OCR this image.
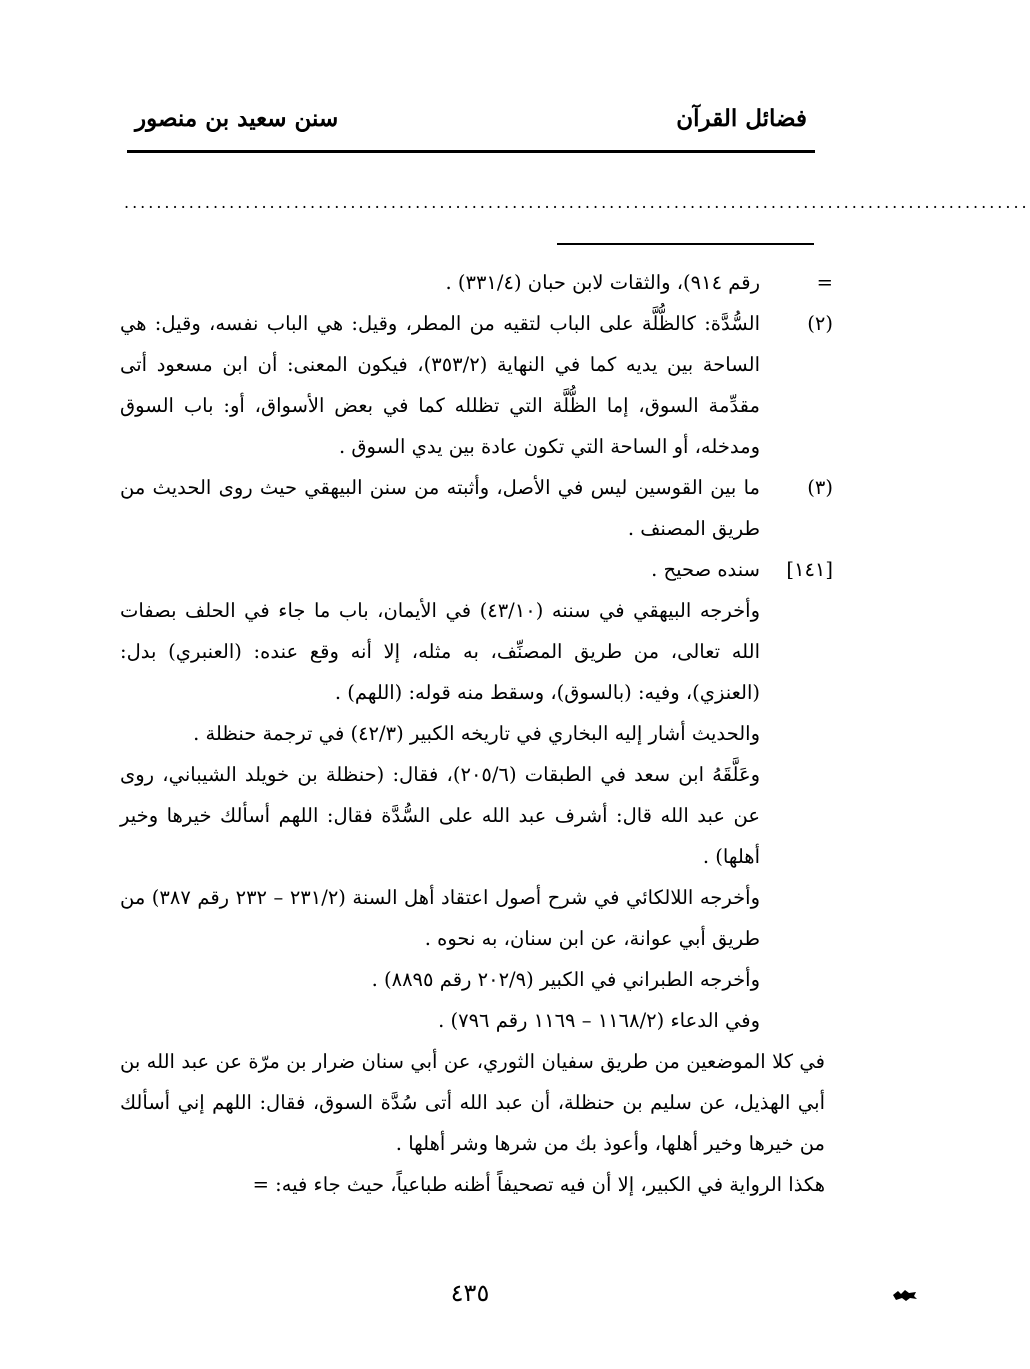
فضائل القرآن
سنن سعيد بن منصور
................................................................................................................
=
رقم ٩١٤)، والثقات لابن حبان (٣٣١/٤) .
(٢)
السُّدَّة: كالظُّلَّة على الباب لتقيه من المطر، وقيل: هي الباب نفسه، وقيل: هي الساحة بين يديه كما في النهاية (٣٥٣/٢)، فيكون المعنى: أن ابن مسعود أتى مقدِّمة السوق، إما الظُّلَّة التي تظلله كما في بعض الأسواق، أو: باب السوق ومدخله، أو الساحة التي تكون عادة بين يدي السوق .
(٣)
ما بين القوسين ليس في الأصل، وأثبته من سنن البيهقي حيث روى الحديث من طريق المصنف .
[١٤١]
سنده صحيح .
وأخرجه البيهقي في سننه (٤٣/١٠) في الأيمان، باب ما جاء في الحلف بصفات الله تعالى، من طريق المصنِّف، به مثله، إلا أنه وقع عنده: (العنبري) بدل: (العنزي)، وفيه: (بالسوق)، وسقط منه قوله: (اللهم) .
والحديث أشار إليه البخاري في تاريخه الكبير (٤٢/٣) في ترجمة حنظلة .
وعَلَّقَهُ ابن سعد في الطبقات (٢٠٥/٦)، فقال: (حنظلة بن خويلد الشيباني، روى عن عبد الله قال: أشرف عبد الله على السُّدَّة فقال: اللهم أسألك خيرها وخير أهلها) .
وأخرجه اللالكائي في شرح أصول اعتقاد أهل السنة (٢٣١/٢ – ٢٣٢ رقم ٣٨٧) من طريق أبي عوانة، عن ابن سنان، به نحوه .
وأخرجه الطبراني في الكبير (٢٠٢/٩ رقم ٨٨٩٥) .
وفي الدعاء (١١٦٨/٢ – ١١٦٩ رقم ٧٩٦) .
في كلا الموضعين من طريق سفيان الثوري، عن أبي سنان ضرار بن مرّة عن عبد الله بن أبي الهذيل، عن سليم بن حنظلة، أن عبد الله أتى سُدَّة السوق، فقال: اللهم إني أسألك من خيرها وخير أهلها، وأعوذ بك من شرها وشر أهلها .
هكذا الرواية في الكبير، إلا أن فيه تصحيفاً أظنه طباعياً، حيث جاء فيه: =
٤٣٥
